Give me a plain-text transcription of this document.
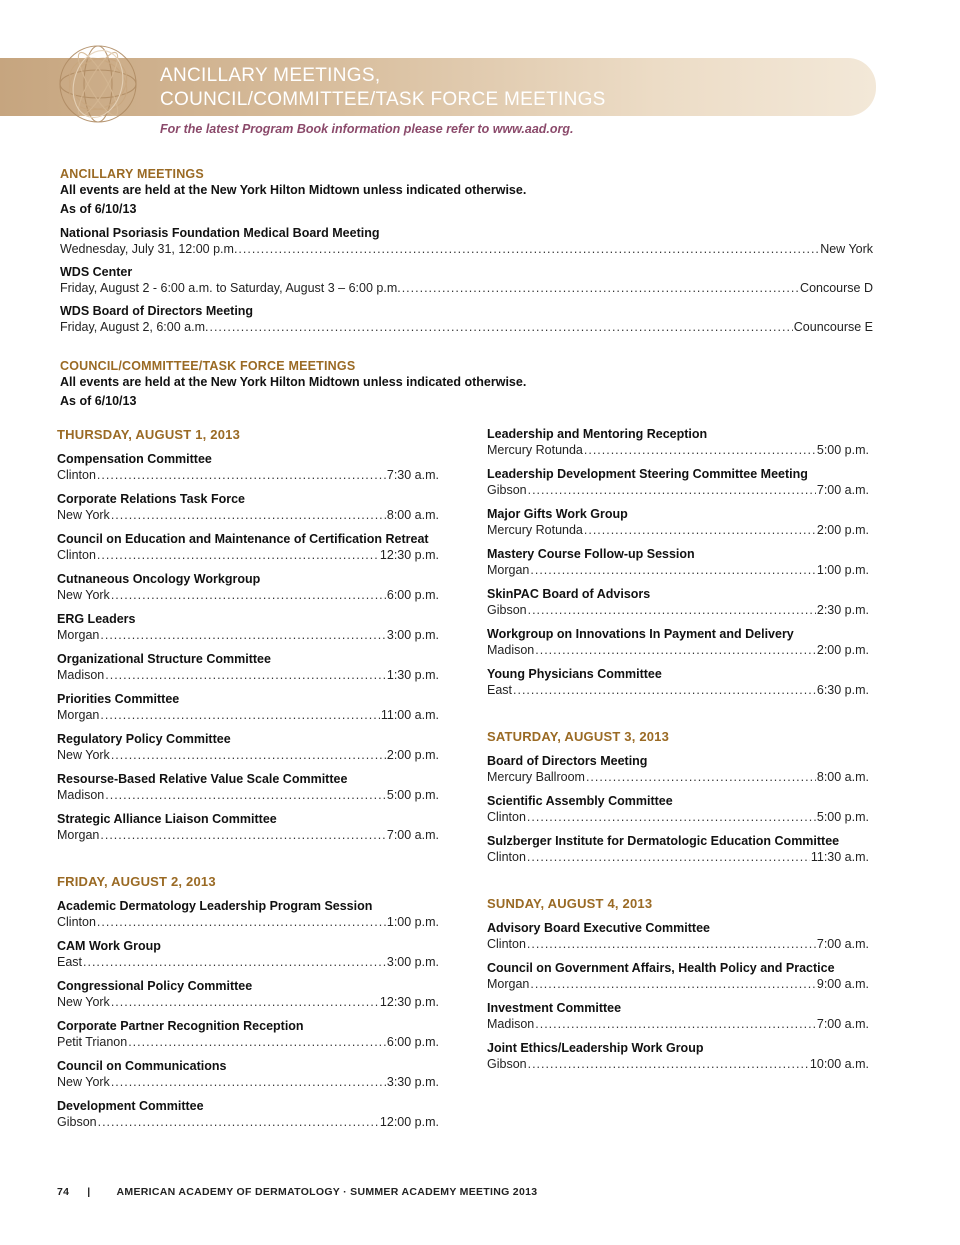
ANCILLARY MEETINGS,
COUNCIL/COMMITTEE/TASK FORCE MEETINGS
For the latest Program Book information please refer to www.aad.org.
ANCILLARY MEETINGS
All events are held at the New York Hilton Midtown unless indicated otherwise.
As of 6/10/13
National Psoriasis Foundation Medical Board Meeting
Wednesday, July 31, 12:00 p.m. .....	New York
WDS Center
Friday, August 2 - 6:00 a.m. to Saturday, August 3 – 6:00 p.m. .....	Concourse D
WDS Board of Directors Meeting
Friday, August 2, 6:00 a.m. .....	Councourse E
COUNCIL/COMMITTEE/TASK FORCE MEETINGS
All events are held at the New York Hilton Midtown unless indicated otherwise.
As of 6/10/13
THURSDAY, AUGUST 1, 2013
Compensation Committee
Clinton .....	7:30 a.m.
Corporate Relations Task Force
New York .....	8:00 a.m.
Council on Education and Maintenance of Certification Retreat
Clinton .....	12:30 p.m.
Cutnaneous Oncology Workgroup
New York .....	6:00 p.m.
ERG Leaders
Morgan .....	3:00 p.m.
Organizational Structure Committee
Madison .....	1:30 p.m.
Priorities Committee
Morgan .....	11:00 a.m.
Regulatory Policy Committee
New York .....	2:00 p.m.
Resourse-Based Relative Value Scale Committee
Madison .....	5:00 p.m.
Strategic Alliance Liaison Committee
Morgan .....	7:00 a.m.
FRIDAY, AUGUST 2, 2013
Academic Dermatology Leadership Program Session
Clinton .....	1:00 p.m.
CAM Work Group
East .....	3:00 p.m.
Congressional Policy Committee
New York .....	12:30 p.m.
Corporate Partner Recognition Reception
Petit Trianon .....	6:00 p.m.
Council on Communications
New York .....	3:30 p.m.
Development Committee
Gibson .....	12:00 p.m.
Leadership and Mentoring Reception
Mercury Rotunda .....	5:00 p.m.
Leadership Development Steering Committee Meeting
Gibson .....	7:00 a.m.
Major Gifts Work Group
Mercury Rotunda .....	2:00 p.m.
Mastery Course Follow-up Session
Morgan .....	1:00 p.m.
SkinPAC Board of Advisors
Gibson .....	2:30 p.m.
Workgroup on Innovations In Payment and Delivery
Madison .....	2:00 p.m.
Young Physicians Committee
East .....	6:30 p.m.
SATURDAY, AUGUST 3, 2013
Board of Directors Meeting
Mercury Ballroom .....	8:00 a.m.
Scientific Assembly Committee
Clinton .....	5:00 p.m.
Sulzberger Institute for Dermatologic Education Committee
Clinton .....	11:30 a.m.
SUNDAY, AUGUST 4, 2013
Advisory Board Executive Committee
Clinton .....	7:00 a.m.
Council on Government Affairs, Health Policy and Practice
Morgan .....	9:00 a.m.
Investment Committee
Madison .....	7:00 a.m.
Joint Ethics/Leadership Work Group
Gibson .....	10:00 a.m.
74 | AMERICAN ACADEMY OF DERMATOLOGY · SUMMER ACADEMY MEETING 2013
